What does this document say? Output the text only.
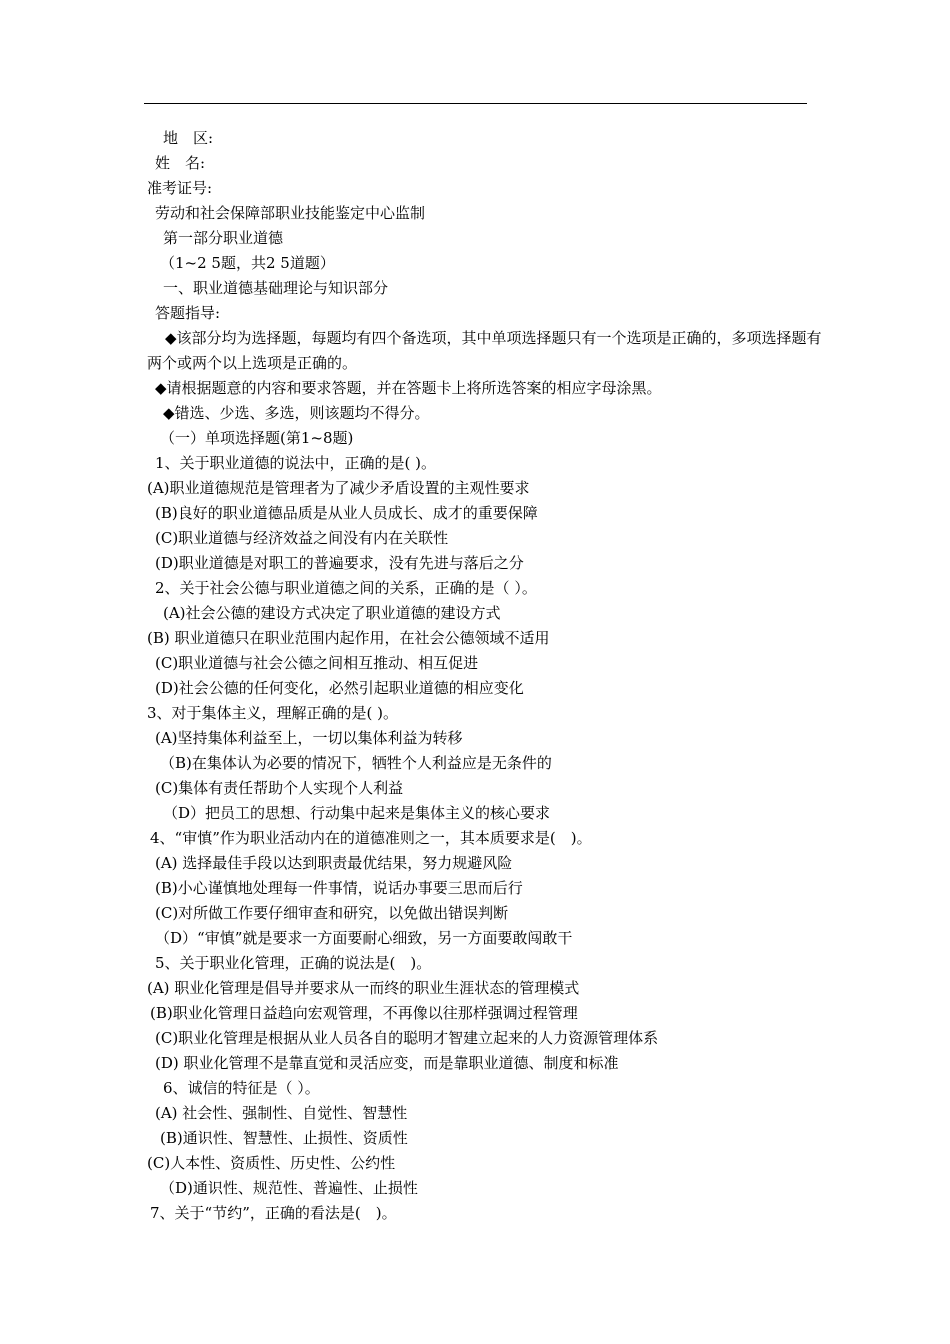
地　区:
姓　名:
准考证号:
劳动和社会保障部职业技能鉴定中心监制
第一部分职业道德
（1~2 5题，共2 5道题）
一、职业道德基础理论与知识部分
答题指导:
◆该部分均为选择题，每题均有四个备选项，其中单项选择题只有一个选项是正确的，多项选择题有两个或两个以上选项是正确的。
◆请根据题意的内容和要求答题，并在答题卡上将所选答案的相应字母涂黑。
◆错选、少选、多选，则该题均不得分。
（一）单项选择题(第1~8题)
1、关于职业道德的说法中，正确的是( )。
(A)职业道德规范是管理者为了减少矛盾设置的主观性要求
(B)良好的职业道德品质是从业人员成长、成才的重要保障
(C)职业道德与经济效益之间没有内在关联性
(D)职业道德是对职工的普遍要求，没有先进与落后之分
2、关于社会公德与职业道德之间的关系，正确的是（ ）。
(A)社会公德的建设方式决定了职业道德的建设方式
(B) 职业道德只在职业范围内起作用，在社会公德领域不适用
(C)职业道德与社会公德之间相互推动、相互促进
(D)社会公德的任何变化，必然引起职业道德的相应变化
3、对于集体主义，理解正确的是( )。
(A)坚持集体利益至上，一切以集体利益为转移
（B)在集体认为必要的情况下，牺牲个人利益应是无条件的
(C)集体有责任帮助个人实现个人利益
（D）把员工的思想、行动集中起来是集体主义的核心要求
4、“审慎”作为职业活动内在的道德准则之一，其本质要求是(　)。
(A) 选择最佳手段以达到职责最优结果，努力规避风险
(B)小心谨慎地处理每一件事情，说话办事要三思而后行
(C)对所做工作要仔细审查和研究，以免做出错误判断
（D）“审慎”就是要求一方面要耐心细致，另一方面要敢闯敢干
5、关于职业化管理，正确的说法是(　)。
(A) 职业化管理是倡导并要求从一而终的职业生涯状态的管理模式
(B)职业化管理日益趋向宏观管理，不再像以往那样强调过程管理
(C)职业化管理是根据从业人员各自的聪明才智建立起来的人力资源管理体系
(D) 职业化管理不是靠直觉和灵活应变，而是靠职业道德、制度和标准
6、诚信的特征是（ ）。
(A) 社会性、强制性、自觉性、智慧性
(B)通识性、智慧性、止损性、资质性
(C)人本性、资质性、历史性、公约性
（D)通识性、规范性、普遍性、止损性
7、关于“节约”，正确的看法是(　)。
